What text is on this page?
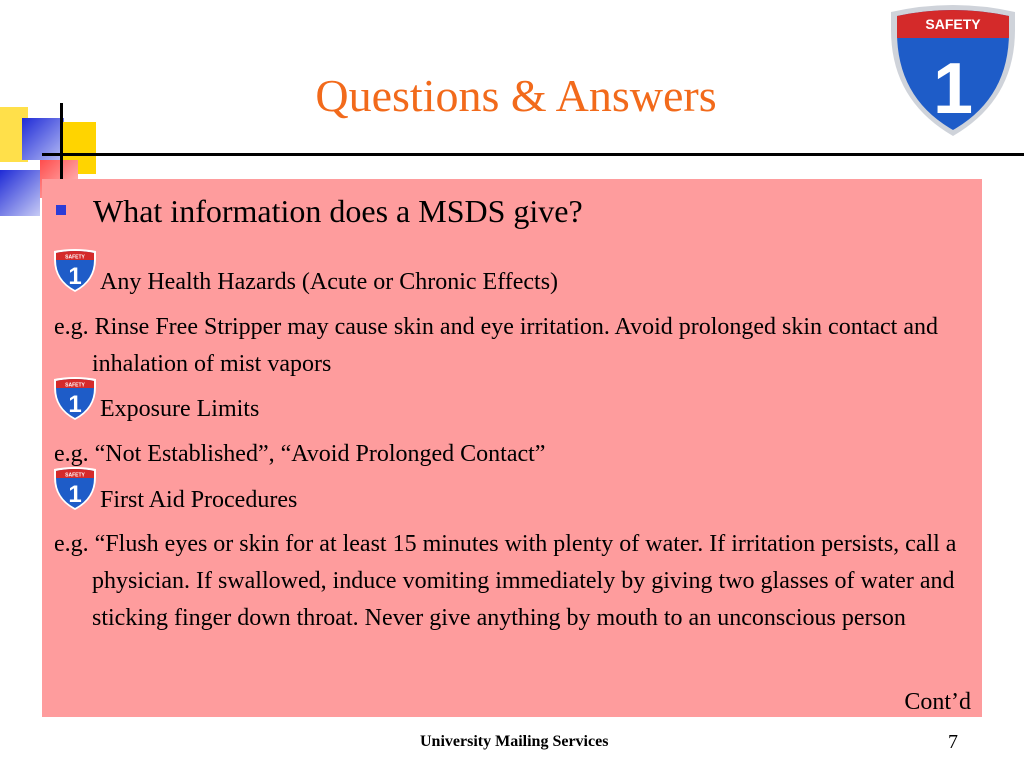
Questions & Answers
SAFETY
1
What information does a MSDS give?
SAFETY
1 Any Health Hazards (Acute or Chronic Effects)
e.g. Rinse Free Stripper may cause skin and eye irritation. Avoid prolonged skin contact and inhalation of mist vapors
SAFETY
1 Exposure Limits
e.g. “Not Established”, “Avoid Prolonged Contact”
SAFETY
1 First Aid Procedures
e.g. “Flush eyes or skin for at least 15 minutes with plenty of water. If irritation persists, call a physician. If swallowed, induce vomiting immediately by giving two glasses of water and sticking finger down throat. Never give anything by mouth to an unconscious person
Cont’d
University Mailing Services	7
